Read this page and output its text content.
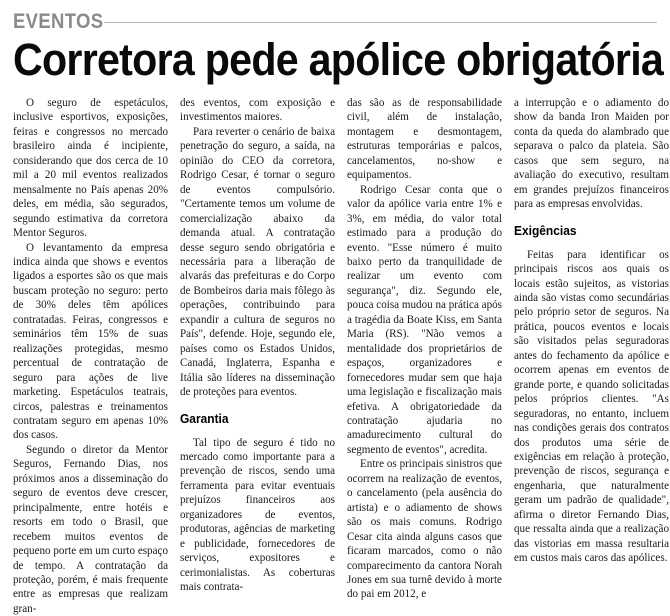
EVENTOS
Corretora pede apólice obrigatória

O seguro de espetáculos, inclusive esportivos, exposições, feiras e congressos no mercado brasileiro ainda é incipiente, considerando que dos cerca de 10 mil a 20 mil eventos realizados mensalmente no País apenas 20% deles, em média, são segurados, segundo estimativa da corretora Mentor Seguros.

O levantamento da empresa indica ainda que shows e eventos ligados a esportes são os que mais buscam proteção no seguro: perto de 30% deles têm apólices contratadas. Feiras, congressos e seminários têm 15% de suas realizações protegidas, mesmo percentual de contratação de seguro para ações de live marketing. Espetáculos teatrais, circos, palestras e treinamentos contratam seguro em apenas 10% dos casos.

Segundo o diretor da Mentor Seguros, Fernando Dias, nos próximos anos a disseminação do seguro de eventos deve crescer, principalmente, entre hotéis e resorts em todo o Brasil, que recebem muitos eventos de pequeno porte em um curto espaço de tempo. A contratação da proteção, porém, é mais frequente entre as empresas que realizam gran-

des eventos, com exposição e investimentos maiores.

Para reverter o cenário de baixa penetração do seguro, a saída, na opinião do CEO da corretora, Rodrigo Cesar, é tornar o seguro de eventos compulsório. "Certamente temos um volume de comercialização abaixo da demanda atual. A contratação desse seguro sendo obrigatória e necessária para a liberação de alvarás das prefeituras e do Corpo de Bombeiros daria mais fôlego às operações, contribuindo para expandir a cultura de seguros no País", defende. Hoje, segundo ele, países como os Estados Unidos, Canadá, Inglaterra, Espanha e Itália são líderes na disseminação de proteções para eventos.

Garantia

Tal tipo de seguro é tido no mercado como importante para a prevenção de riscos, sendo uma ferramenta para evitar eventuais prejuízos financeiros aos organizadores de eventos, produtoras, agências de marketing e publicidade, fornecedores de serviços, expositores e cerimonialistas. As coberturas mais contrata-

das são as de responsabilidade civil, além de instalação, montagem e desmontagem, estruturas temporárias e palcos, cancelamentos, no-show e equipamentos.

Rodrigo Cesar conta que o valor da apólice varia entre 1% e 3%, em média, do valor total estimado para a produção do evento. "Esse número é muito baixo perto da tranquilidade de realizar um evento com segurança", diz. Segundo ele, pouca coisa mudou na prática após a tragédia da Boate Kiss, em Santa Maria (RS). "Não vemos a mentalidade dos proprietários de espaços, organizadores e fornecedores mudar sem que haja uma legislação e fiscalização mais efetiva. A obrigatoriedade da contratação ajudaria no amadurecimento cultural do segmento de eventos", acredita.

Entre os principais sinistros que ocorrem na realização de eventos, o cancelamento (pela ausência do artista) e o adiamento de shows são os mais comuns. Rodrigo Cesar cita ainda alguns casos que ficaram marcados, como o não comparecimento da cantora Norah Jones em sua turnê devido à morte do pai em 2012, e

a interrupção e o adiamento do show da banda Iron Maiden por conta da queda do alambrado que separava o palco da plateia. São casos que sem seguro, na avaliação do executivo, resultam em grandes prejuízos financeiros para as empresas envolvidas.

Exigências

Feitas para identificar os principais riscos aos quais os locais estão sujeitos, as vistorias ainda são vistas como secundárias pelo próprio setor de seguros. Na prática, poucos eventos e locais são visitados pelas seguradoras antes do fechamento da apólice e ocorrem apenas em eventos de grande porte, e quando solicitadas pelos próprios clientes. "As seguradoras, no entanto, incluem nas condições gerais dos contratos dos produtos uma série de exigências em relação à proteção, prevenção de riscos, segurança e engenharia, que naturalmente geram um padrão de qualidade", afirma o diretor Fernando Dias, que ressalta ainda que a realização das vistorias em massa resultaria em custos mais caros das apólices.
